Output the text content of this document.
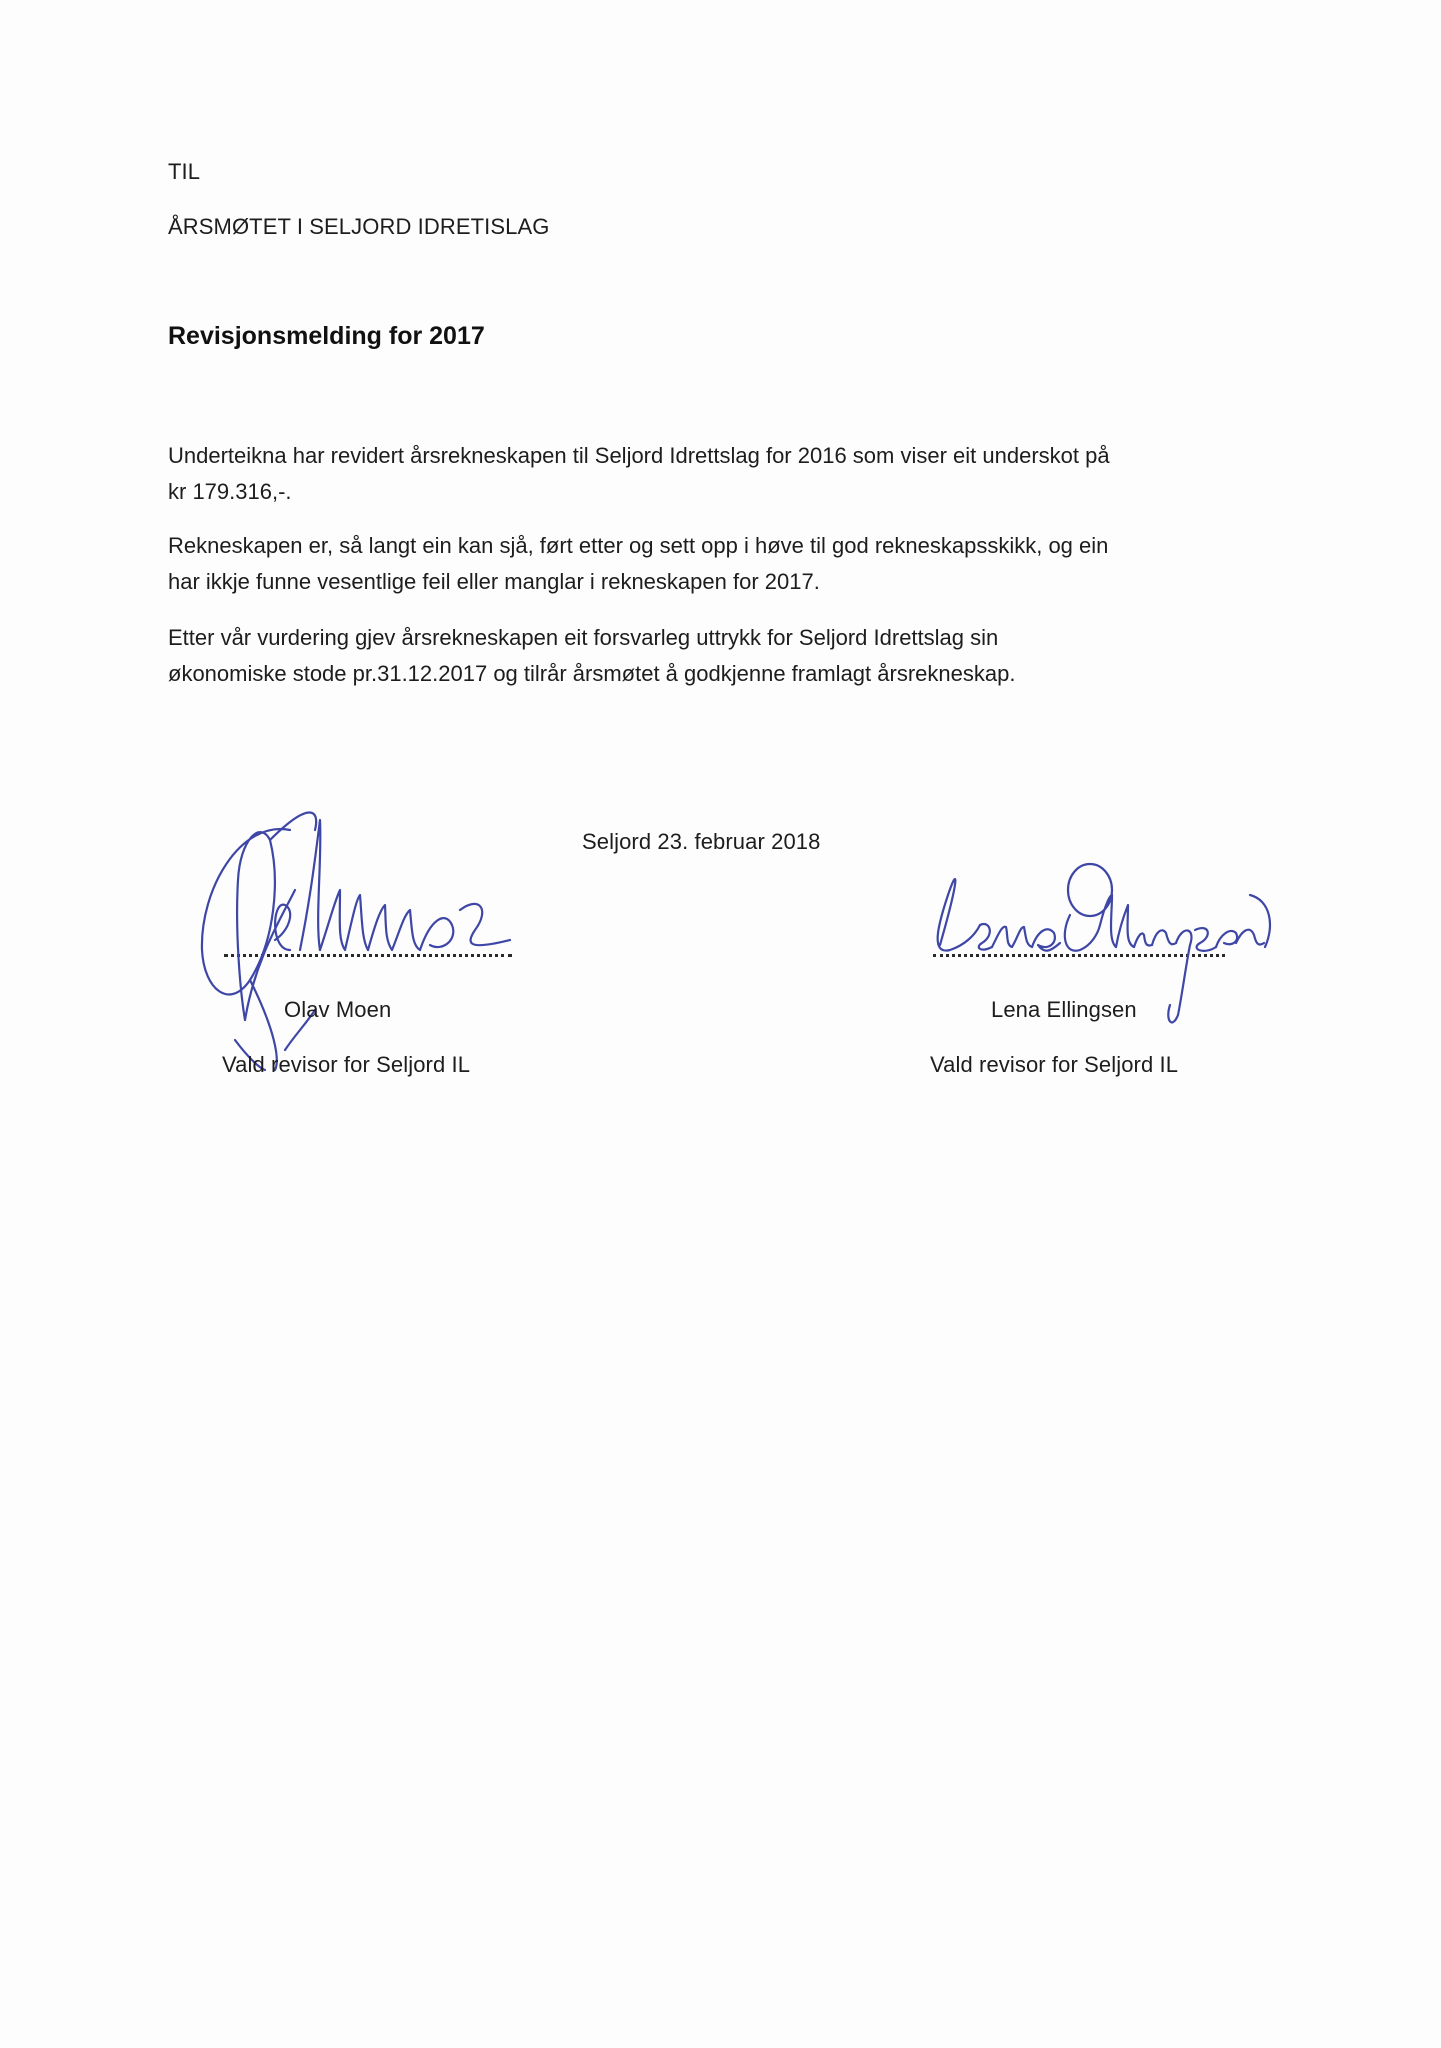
TIL
ÅRSMØTET I SELJORD IDRETISLAG
Revisjonsmelding for 2017
Underteikna har revidert årsrekneskapen til Seljord Idrettslag for 2016 som viser eit underskot på
kr 179.316,-.
Rekneskapen er, så langt ein kan sjå, ført etter og sett opp i høve til god rekneskapsskikk, og ein
har ikkje funne vesentlige feil eller manglar i rekneskapen for 2017.
Etter vår vurdering gjev årsrekneskapen eit forsvarleg uttrykk for Seljord Idrettslag sin
økonomiske stode pr.31.12.2017 og tilrår årsmøtet å godkjenne framlagt årsrekneskap.
Seljord 23. februar 2018
Olav Moen
Vald revisor for Seljord IL
Lena Ellingsen
Vald revisor for Seljord IL
